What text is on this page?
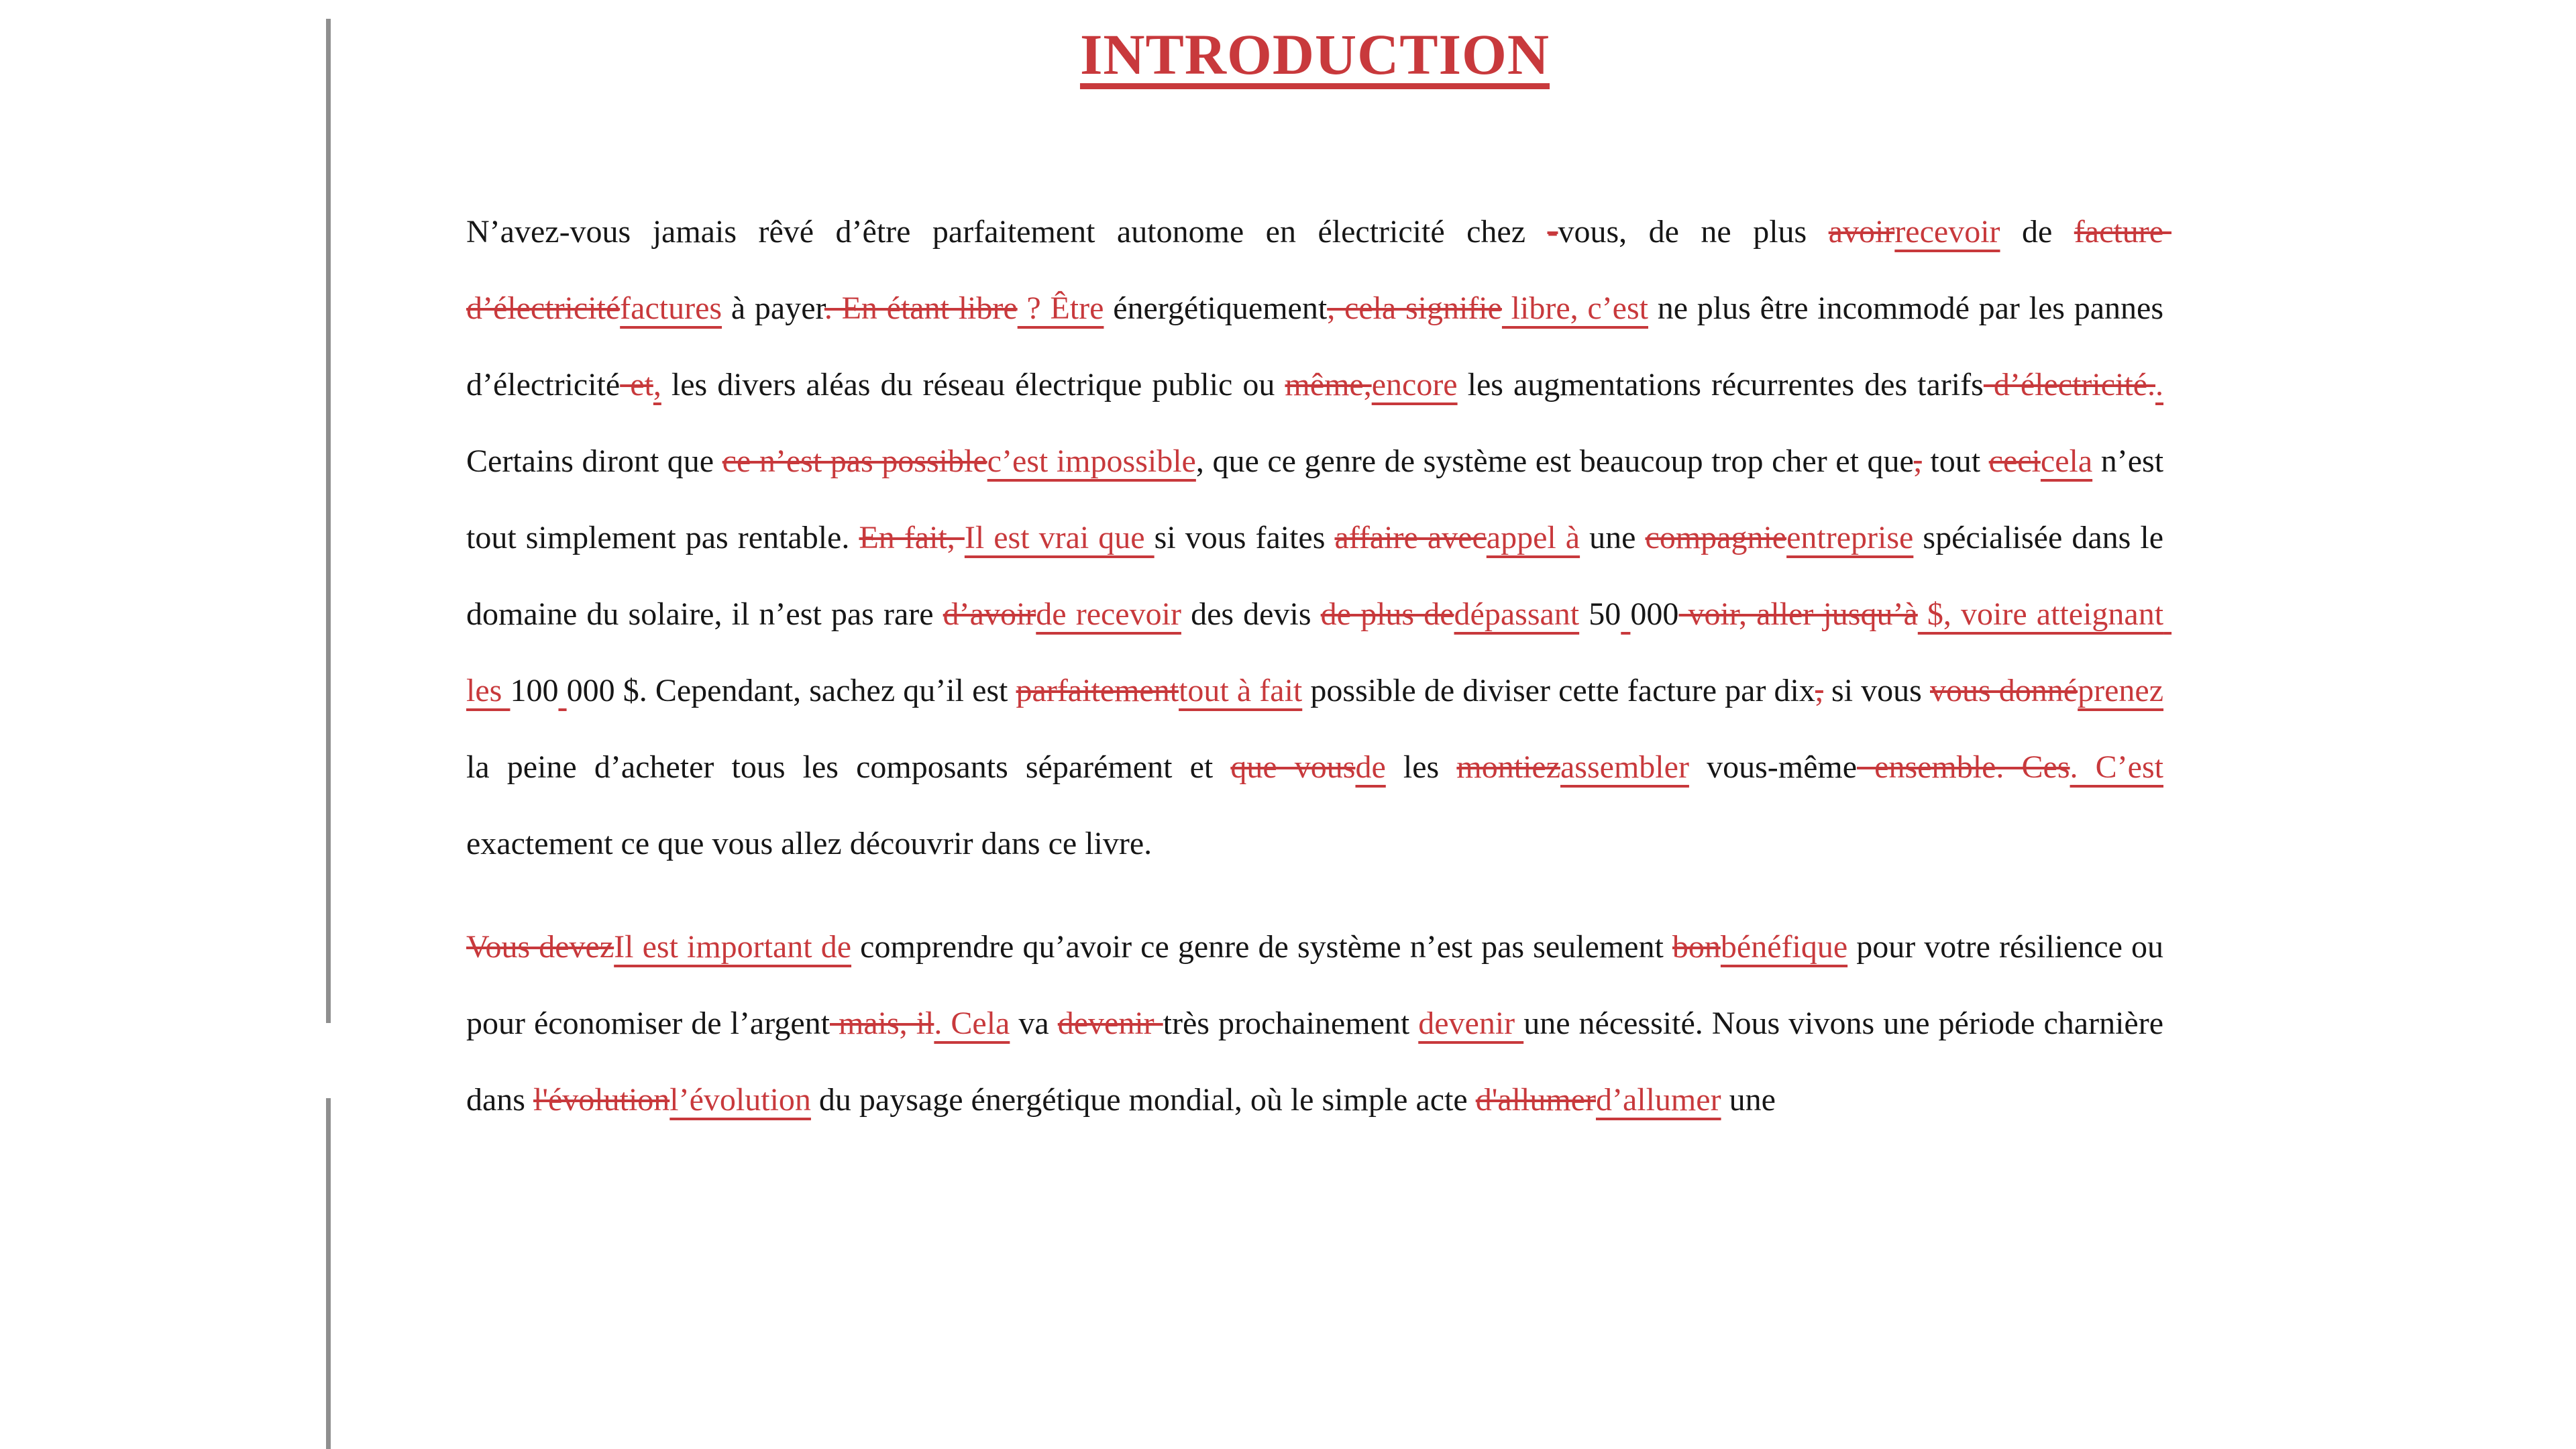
INTRODUCTION

N’avez-vous jamais rêvé d’être parfaitement autonome en électricité chez -vous, de ne plus avoirrecevoir de facture d’électricitéfactures à payer. En étant libre ? Être énergétiquement, cela signifie libre, c’est ne plus être incommodé par les pannes d’électricité et, les divers aléas du réseau électrique public ou même,encore les augmentations récurrentes des tarifs d’électricité.. Certains diront que ce n’est pas possiblec’est impossible, que ce genre de système est beaucoup trop cher et que, tout cecicela n’est tout simplement pas rentable. En fait, Il est vrai que si vous faites affaire avecappel à une compagnieentreprise spécialisée dans le domaine du solaire, il n’est pas rare d’avoirde recevoir des devis de plus dedépassant 50 000 voir, aller jusqu’à $, voire atteignant les 100 000 $. Cependant, sachez qu’il est parfaitementtout à fait possible de diviser cette facture par dix, si vous vous donnéprenez la peine d’acheter tous les composants séparément et que vousde les montiezassembler vous-même ensemble. Ces. C’est exactement ce que vous allez découvrir dans ce livre.

Vous devezIl est important de comprendre qu’avoir ce genre de système n’est pas seulement bonbénéfique pour votre résilience ou pour économiser de l’argent mais, il. Cela va devenir très prochainement devenir une nécessité. Nous vivons une période charnière dans l'évolutionl’évolution du paysage énergétique mondial, où le simple acte d'allumerd’allumer une
